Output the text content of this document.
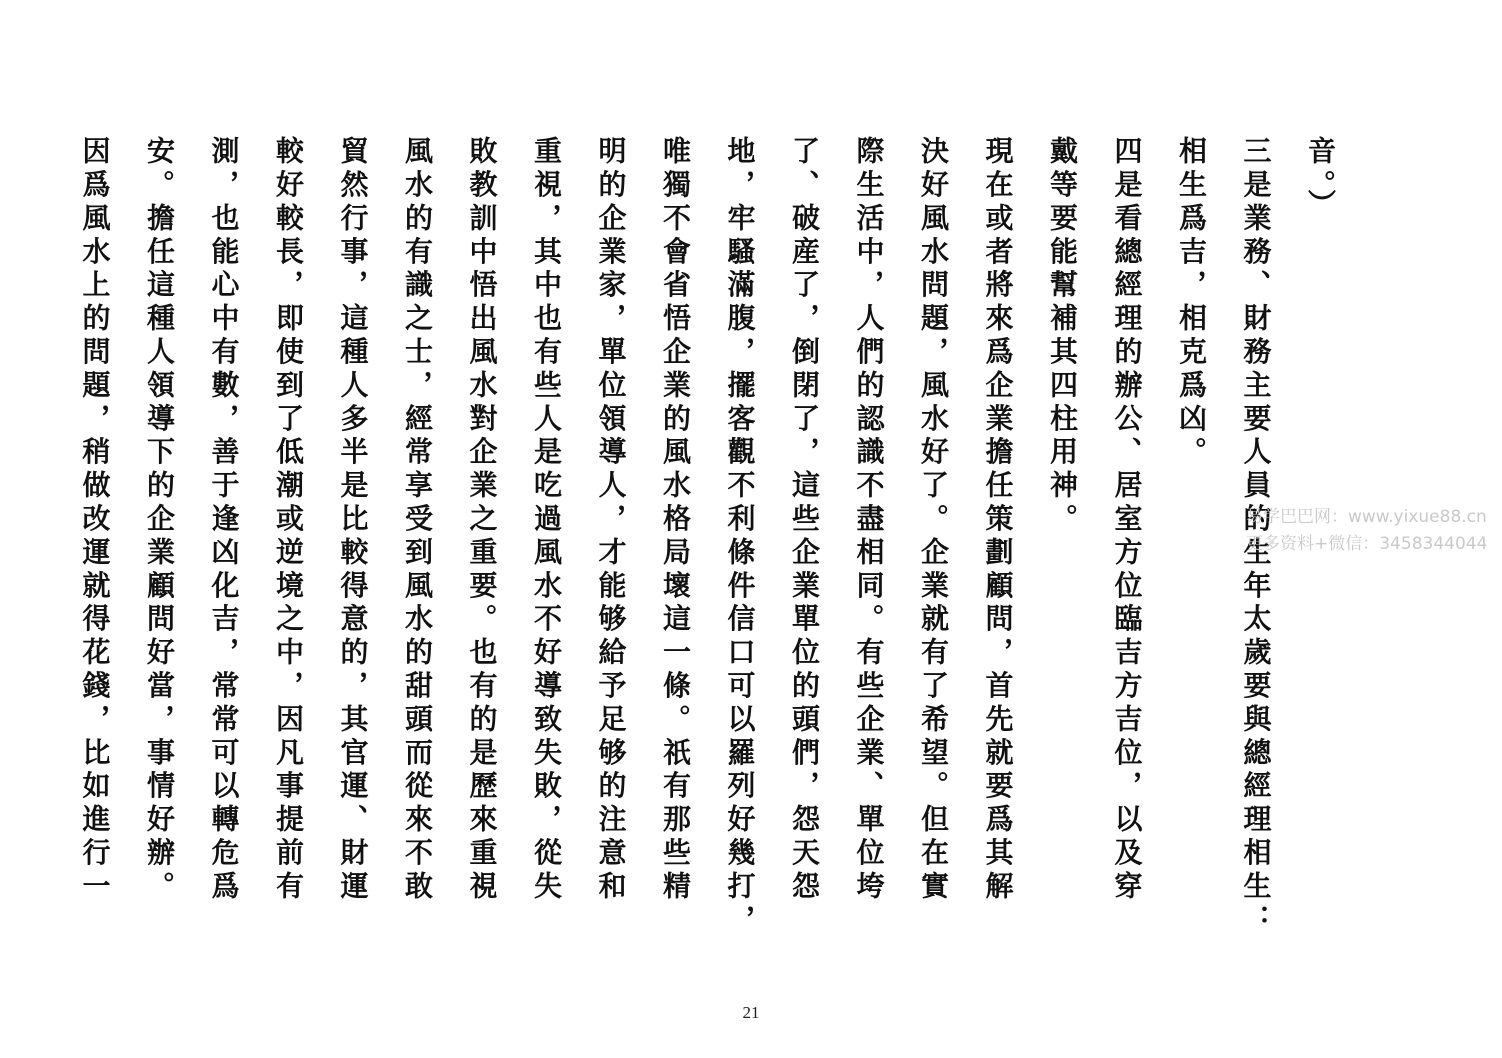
音。）
三是業務、財務主要人員的生年太歲要與總經理相生：
相生爲吉，相克爲凶。
四是看總經理的辦公、居室方位臨吉方吉位，以及穿
戴等要能幫補其四柱用神。
現在或者將來爲企業擔任策劃顧問，首先就要爲其解
決好風水問題，風水好了。企業就有了希望。但在實
際生活中，人們的認識不盡相同。有些企業、單位垮
了、破産了，倒閉了，這些企業單位的頭們，怨天怨
地，牢騷滿腹，擺客觀不利條件信口可以羅列好幾打，
唯獨不會省悟企業的風水格局壞這一條。祇有那些精
明的企業家，單位領導人，才能够給予足够的注意和
重視，其中也有些人是吃過風水不好導致失敗，從失
敗教訓中悟出風水對企業之重要。也有的是歷來重視
風水的有識之士，經常享受到風水的甜頭而從來不敢
貿然行事，這種人多半是比較得意的，其官運、財運
較好較長，即使到了低潮或逆境之中，因凡事提前有
測，也能心中有數，善于逢凶化吉，常常可以轉危爲
安。擔任這種人領導下的企業顧問好當，事情好辦。
因爲風水上的問題，稍做改運就得花錢，比如進行一	易学巴巴网：www.yixue88.cn
更多资料+微信：3458344044
21
